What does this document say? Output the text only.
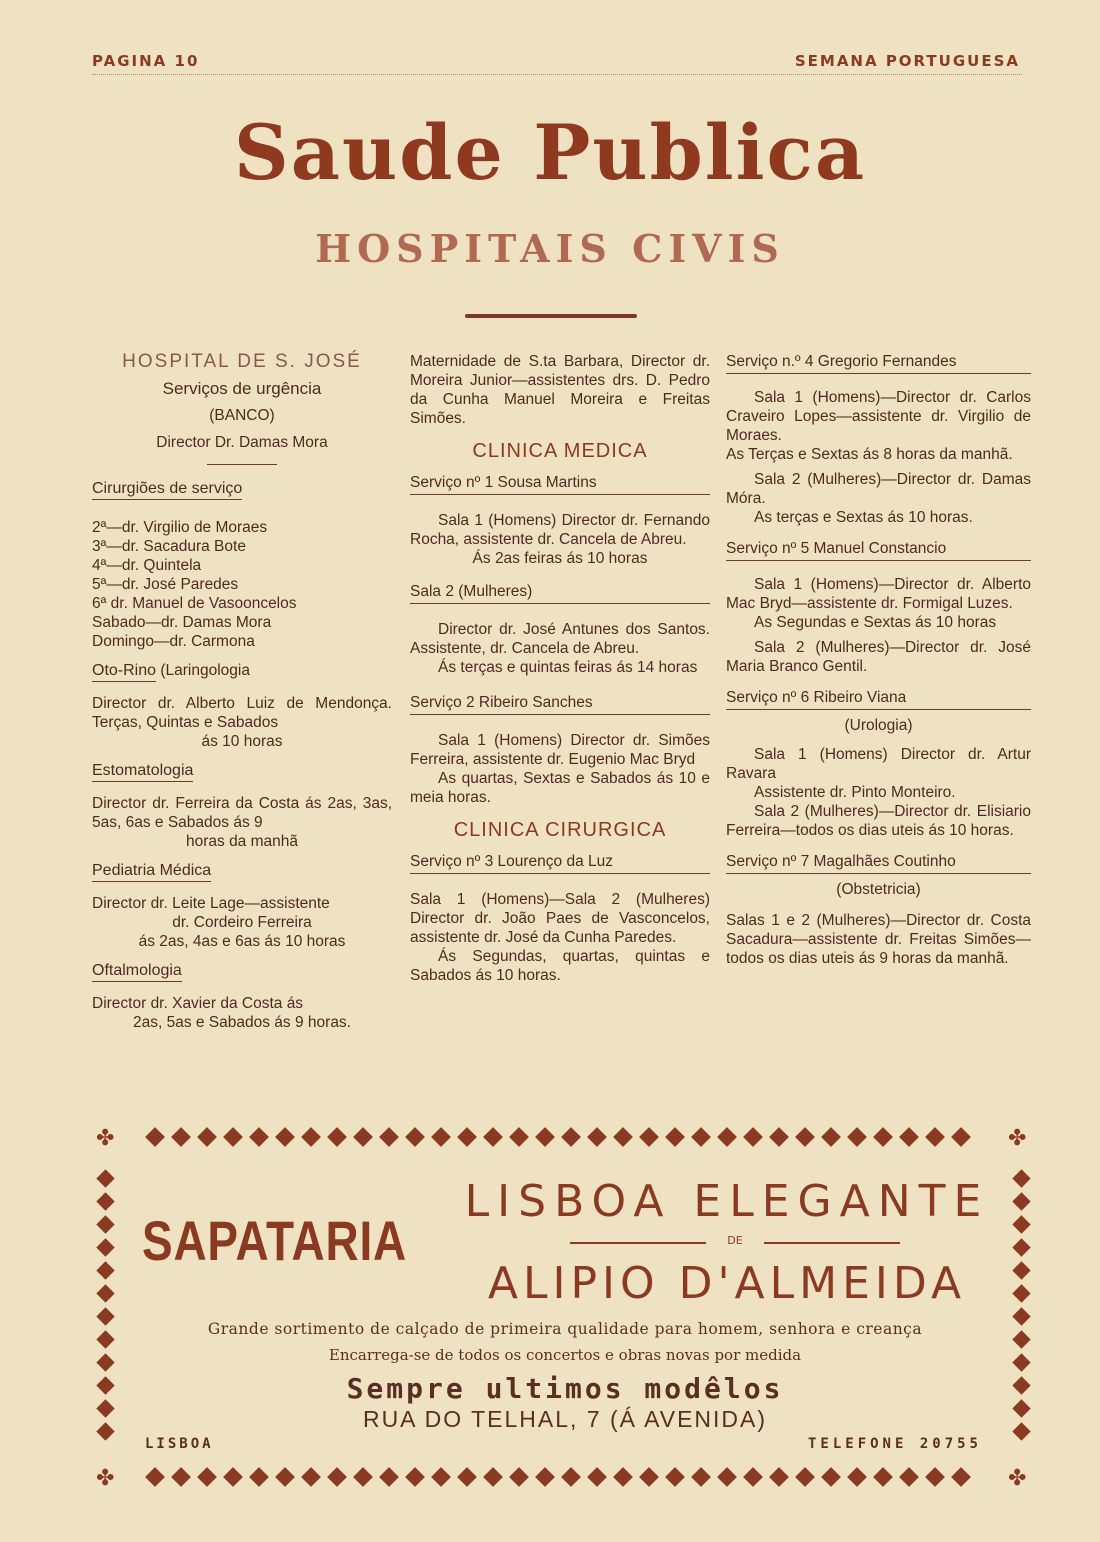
PAGINA 10	SEMANA PORTUGUESA
Saude Publica
HOSPITAIS CIVIS
HOSPITAL DE S. JOSÉ
Serviços de urgência
(BANCO)
Director Dr. Damas Mora
Cirurgiões de serviço

2ª—dr. Virgilio de Moraes

3ª—dr. Sacadura Bote

4ª—dr. Quintela

5ª—dr. José Paredes

6ª dr. Manuel de Vasooncelos

Sabado—dr. Damas Mora

Domingo—dr. Carmona

Oto-Rino (Laringologia

Director dr. Alberto Luiz de Mendonça. Terças, Quintas e Sabados

ás 10 horas

Estomatologia

Director dr. Ferreira da Costa ás 2as, 3as, 5as, 6as e Sabados ás 9

horas da manhã

Pediatria Médica

Director dr. Leite Lage—assistente

dr. Cordeiro Ferreira

ás 2as, 4as e 6as ás 10 horas

Oftalmologia

Director dr. Xavier da Costa ás

2as, 5as e Sabados ás 9 horas.

Maternidade de S.ta Barbara, Director dr. Moreira Junior—assistentes drs. D. Pedro da Cunha Manuel Moreira e Freitas Simões.

CLINICA MEDICA
Serviço nº 1 Sousa Martins

Sala 1 (Homens) Director dr. Fernando Rocha, assistente dr. Cancela de Abreu.

Ás 2as feiras ás 10 horas

Sala 2 (Mulheres)

Director dr. José Antunes dos Santos. Assistente, dr. Cancela de Abreu.

Ás terças e quintas feiras ás 14 horas

Serviço 2 Ribeiro Sanches

Sala 1 (Homens) Director dr. Simões Ferreira, assistente dr. Eugenio Mac Bryd

As quartas, Sextas e Sabados ás 10 e meia horas.

CLINICA CIRURGICA
Serviço nº 3 Lourenço da Luz

Sala 1 (Homens)—Sala 2 (Mulheres) Director dr. João Paes de Vasconcelos, assistente dr. José da Cunha Paredes.

Ás Segundas, quartas, quintas e Sabados ás 10 horas.

Serviço n.º 4 Gregorio Fernandes

Sala 1 (Homens)—Director dr. Carlos Craveiro Lopes—assistente dr. Virgilio de Moraes.

As Terças e Sextas ás 8 horas da manhã.

Sala 2 (Mulheres)—Director dr. Damas Móra.

As terças e Sextas ás 10 horas.

Serviço nº 5 Manuel Constancio

Sala 1 (Homens)—Director dr. Alberto Mac Bryd—assistente dr. Formigal Luzes.

As Segundas e Sextas ás 10 horas

Sala 2 (Mulheres)—Director dr. José Maria Branco Gentil.

Serviço nº 6 Ribeiro Viana

(Urologia)

Sala 1 (Homens) Director dr. Artur Ravara

Assistente dr. Pinto Monteiro.

Sala 2 (Mulheres)—Director dr. Elisiario Ferreira—todos os dias uteis ás 10 horas.

Serviço nº 7 Magalhães Coutinho

(Obstetricia)

Salas 1 e 2 (Mulheres)—Director dr. Costa Sacadura—assistente dr. Freitas Simões—todos os dias uteis ás 9 horas da manhã.

✤	✤
✤	✤
SAPATARIA
LISBOA ELEGANTE
DE
ALIPIO D'ALMEIDA
Grande sortimento de calçado de primeira qualidade para homem, senhora e creança
Encarrega-se de todos os concertos e obras novas por medida
Sempre ultimos modêlos
RUA DO TELHAL, 7 (Á AVENIDA)
LISBOA	TELEFONE 20755
